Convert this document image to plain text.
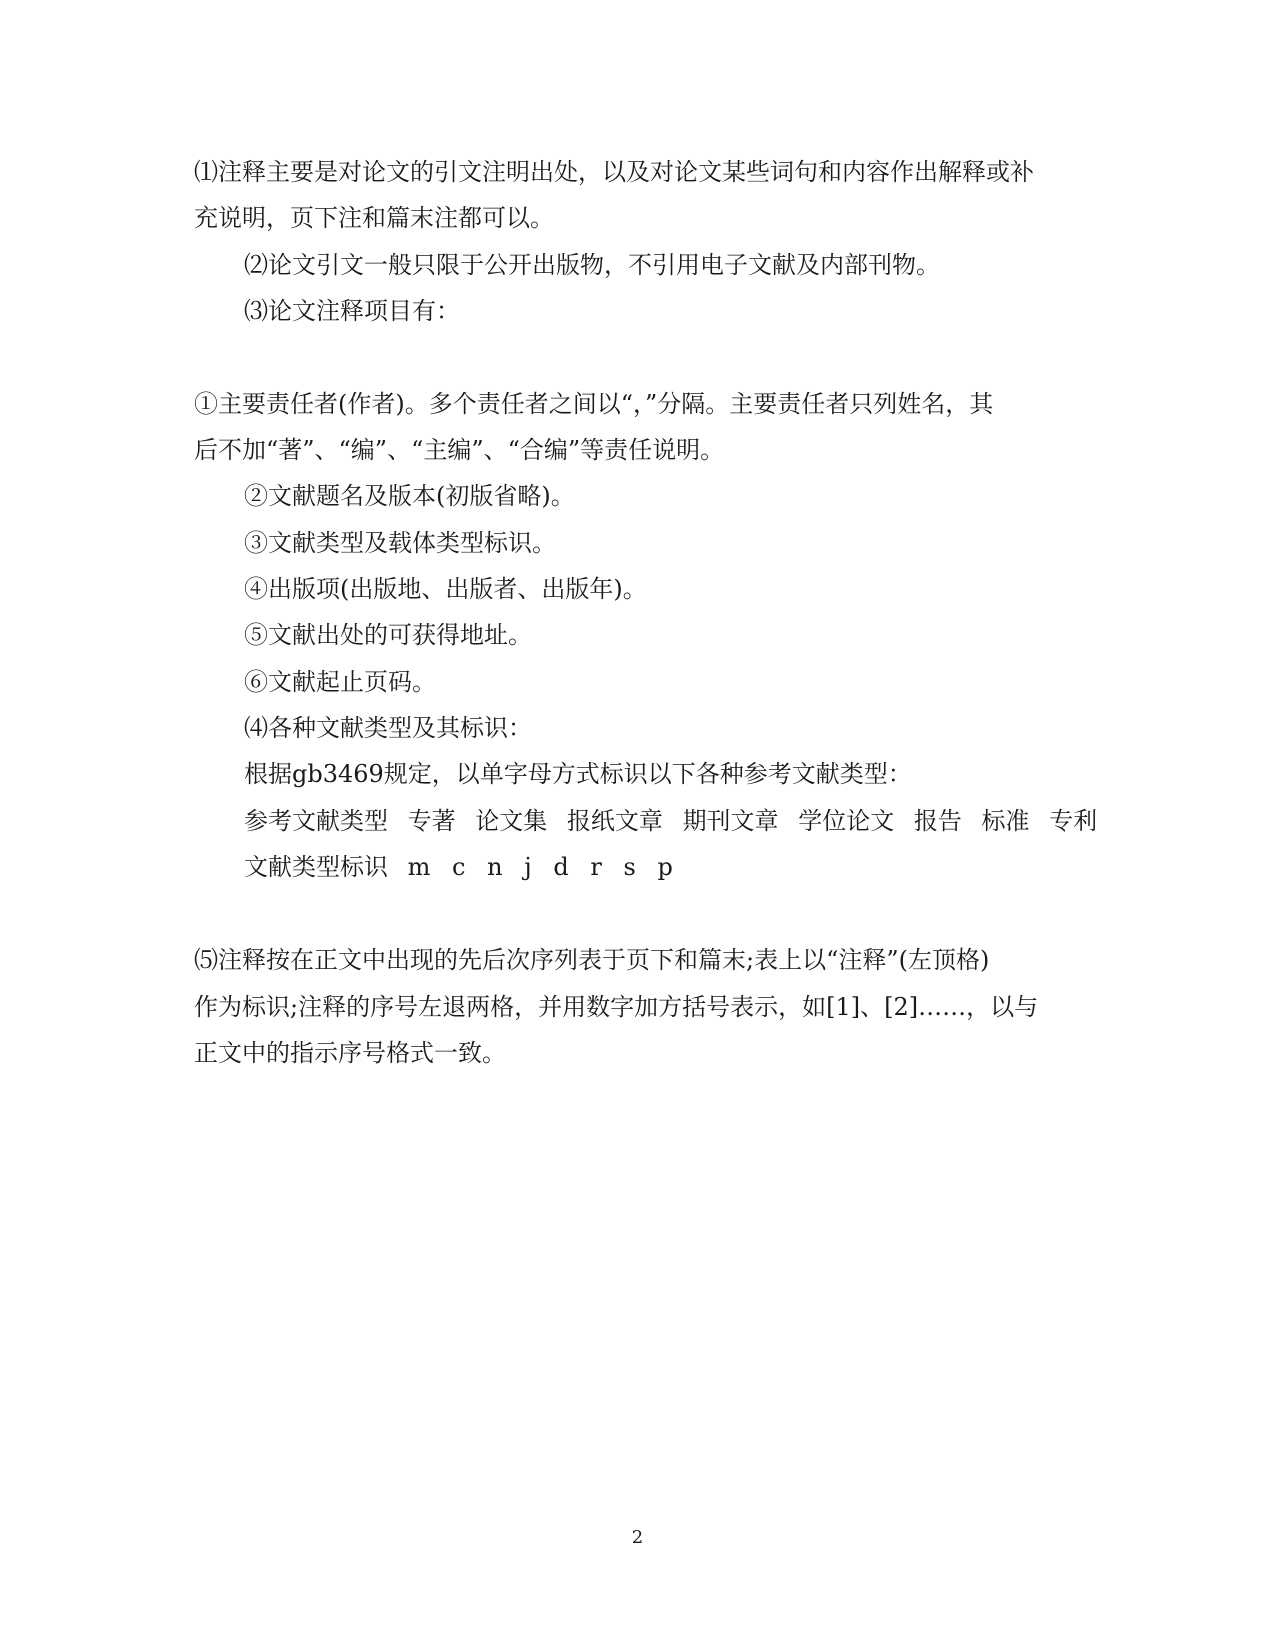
⑴注释主要是对论文的引文注明出处，以及对论文某些词句和内容作出解释或补
充说明，页下注和篇末注都可以。
⑵论文引文一般只限于公开出版物，不引用电子文献及内部刊物。
⑶论文注释项目有：
①主要责任者(作者)。多个责任者之间以“，”分隔。主要责任者只列姓名，其
后不加“著”、“编”、“主编”、“合编”等责任说明。
②文献题名及版本(初版省略)。
③文献类型及载体类型标识。
④出版项(出版地、出版者、出版年)。
⑤文献出处的可获得地址。
⑥文献起止页码。
⑷各种文献类型及其标识：
根据gb3469规定，以单字母方式标识以下各种参考文献类型：
参考文献类型 专著 论文集 报纸文章 期刊文章 学位论文 报告 标准 专利
文献类型标识 m c n j d r s p
⑸注释按在正文中出现的先后次序列表于页下和篇末;表上以“注释”(左顶格)
作为标识;注释的序号左退两格，并用数字加方括号表示，如[1]、[2]……，以与
正文中的指示序号格式一致。
2
